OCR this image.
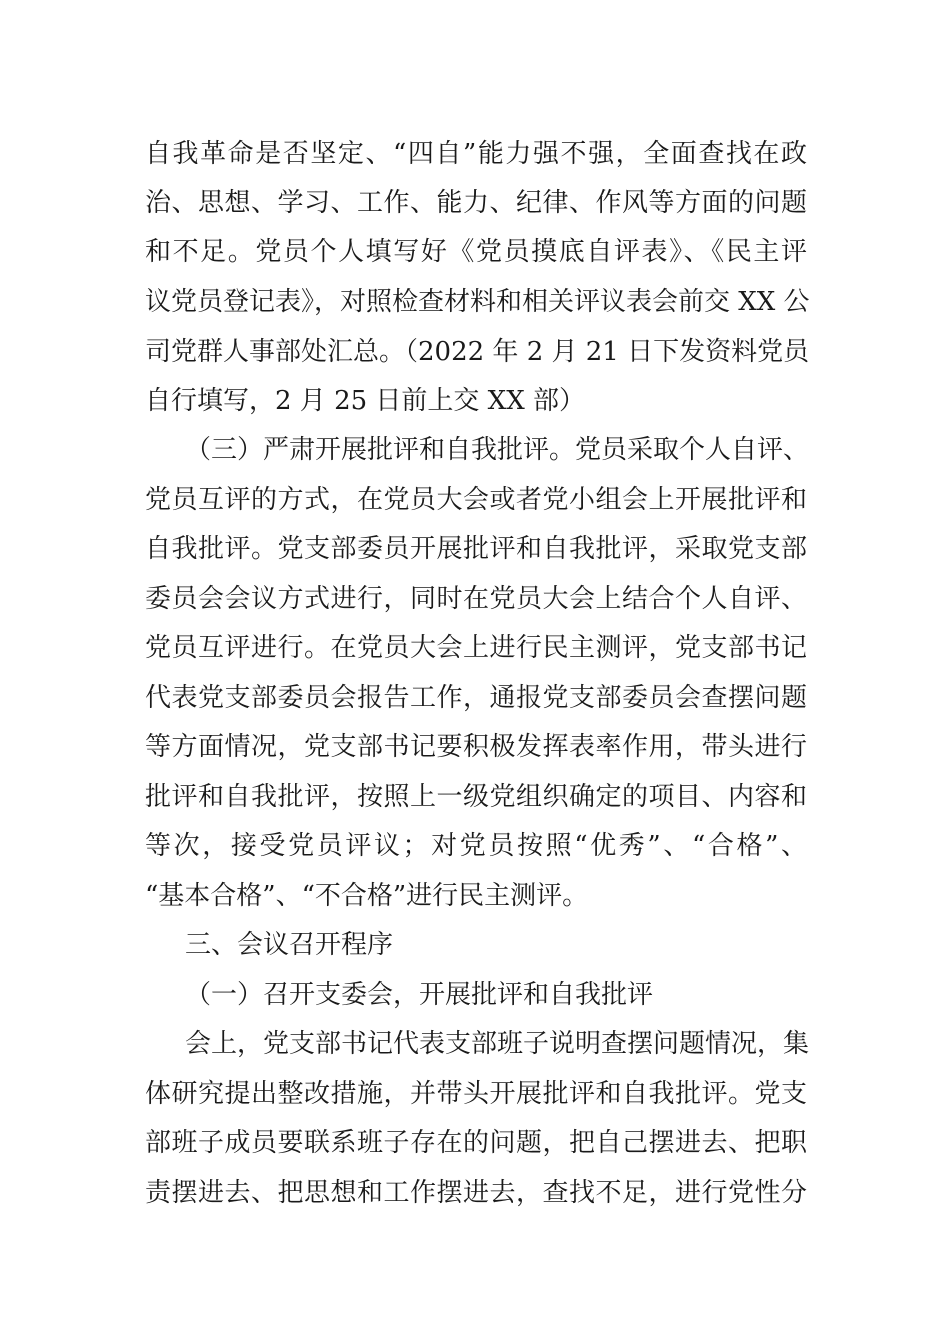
自我革命是否坚定、“四自”能力强不强，全面查找在政
治、思想、学习、工作、能力、纪律、作风等方面的问题
和不足。党员个人填写好《党员摸底自评表》、《民主评
议党员登记表》，对照检查材料和相关评议表会前交 XX 公
司党群人事部处汇总。（2022 年 2 月 21 日下发资料党员
自行填写，2 月 25 日前上交 XX 部）
（三）严肃开展批评和自我批评。党员采取个人自评、
党员互评的方式，在党员大会或者党小组会上开展批评和
自我批评。党支部委员开展批评和自我批评，采取党支部
委员会会议方式进行，同时在党员大会上结合个人自评、
党员互评进行。在党员大会上进行民主测评，党支部书记
代表党支部委员会报告工作，通报党支部委员会查摆问题
等方面情况，党支部书记要积极发挥表率作用，带头进行
批评和自我批评，按照上一级党组织确定的项目、内容和
等次，接受党员评议；对党员按照“优秀”、“合格”、
“基本合格”、“不合格”进行民主测评。
三、会议召开程序
（一）召开支委会，开展批评和自我批评
会上，党支部书记代表支部班子说明查摆问题情况，集
体研究提出整改措施，并带头开展批评和自我批评。党支
部班子成员要联系班子存在的问题，把自己摆进去、把职
责摆进去、把思想和工作摆进去，查找不足，进行党性分
